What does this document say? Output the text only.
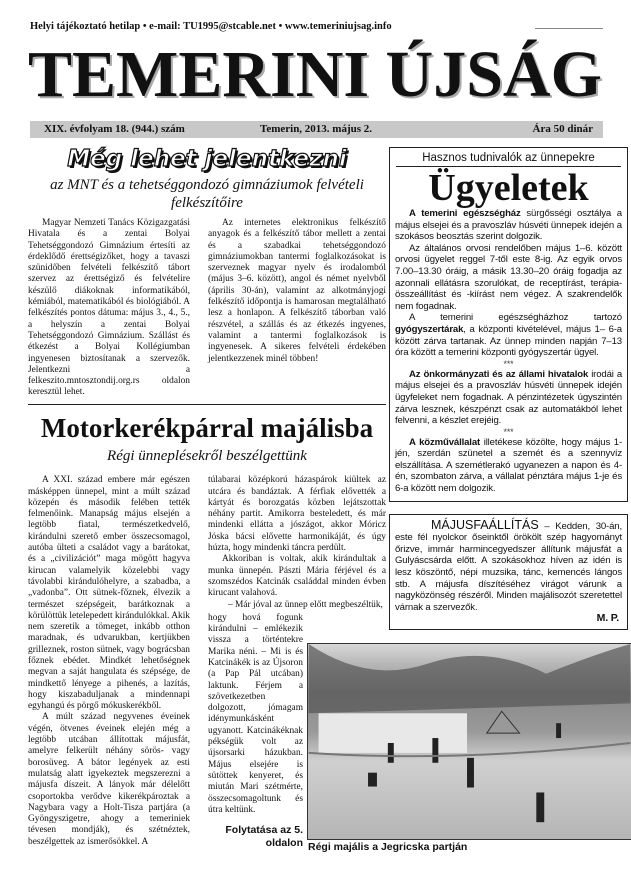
Helyi tájékoztató hetilap • e-mail: TU1995@stcable.net • www.temeriniujsag.info
TEMERINI ÚJSÁG
XIX. évfolyam 18. (944.) szám	Temerin, 2013. május 2.	Ára 50 dinár
Még lehet jelentkezni
az MNT és a tehetséggondozó gimnáziumok felvételi felkészítőire

Magyar Nemzeti Tanács Közigazgatási Hivatala és a zentai Bolyai Tehetséggondozó Gimnázium értesíti az érdeklődő érettségizőket, hogy a tavaszi szünidőben felvételi felkészítő tábort szervez az érettségiző és felvételire készülő diákoknak informatikából, kémiából, matematikából és biológiából. A felkészítés pontos dátuma: május 3., 4., 5., a helyszín a zentai Bolyai Tehetséggondozó Gimnázium. Szállást és étkezést a Bolyai Kollégiumban ingyenesen biztosítanak a szervezők. Jelentkezni a felkeszito.mntosztondij.org.rs oldalon keresztül lehet.

Az internetes elektronikus felkészítő anyagok és a felkészítő tábor mellett a zentai és a szabadkai tehetséggondozó gimnáziumokban tantermi foglalkozásokat is szerveznek magyar nyelv és irodalomból (május 3–6. között), angol és német nyelvből (április 30-án), valamint az alkotmányjogi felkészítő időpontja is hamarosan megtalálható lesz a honlapon. A felkészítő táborban való részvétel, a szállás és az étkezés ingyenes, valamint a tantermi foglalkozások is ingyenesek. A sikeres felvételi érdekében jelentkezzenek minél többen!

Motorkerékpárral majálisba
Régi ünneplésekről beszélgettünk

A XXI. század embere már egészen másképpen ünnepel, mint a múlt század közepén és második felében tették felmenőink. Manapság május elsején a legtöbb fiatal, természetkedvelő, kirándulni szerető ember összecsomagol, autóba ülteti a családot vagy a barátokat, és a „civilizációt” maga mögött hagyva kirucan valamelyik közelebbi vagy távolabbi kirándulóhelyre, a szabadba, a „vadonba”. Ott sütnek-főznek, élvezik a természet szépségeit, barátkoznak a körülöttük letelepedett kirándulókkal. Akik nem szeretik a tömeget, inkább otthon maradnak, és udvarukban, kertjükben grilleznek, roston sütnek, vagy bográcsban főznek ebédet. Mindkét lehetőségnek megvan a saját hangulata és szépsége, de mindkettő lényege a pihenés, a lazítás, hogy kiszabaduljanak a mindennapi egyhangú és pörgő mókuskerékből.

A múlt század negyvenes éveinek végén, ötvenes éveinek elején még a legtöbb utcában állítottak májusfát, amelyre felkerült néhány sörös- vagy borosüveg. A bátor legények az esti mulatság alatt igyekeztek megszerezni a májusfa díszeit. A lányok már délelőtt csoportokba verődve kikerékpároztak a Nagybara vagy a Holt-Tisza partjára (a Gyöngyszigetre, ahogy a temeriniek tévesen mondják), és szétnéztek, beszélgettek az ismerősökkel. A

túlabarai középkorú házaspárok kiültek az utcára és bandáztak. A férfiak elővették a kártyát és borozgatás közben lejátszottak néhány partit. Amikorra besteledett, és már mindenki ellátta a jószágot, akkor Móricz Jóska bácsi elővette harmonikáját, és úgy húzta, hogy mindenki táncra perdült.

Akkoriban is voltak, akik kirándultak a munka ünnepén. Pászti Mária férjével és a szomszédos Katcinák családdal minden évben kirucant valahová.

– Már jóval az ünnep előtt megbeszéltük,

hogy hová fogunk kirándulni – emlékezik vissza a történtekre Marika néni. – Mi is és Katcinákék is az Újsoron (a Pap Pál utcában) laktunk. Férjem a szövetkezetben dolgozott, jómagam idénymunkásként ugyanott. Katcinákéknak pékségük volt az újsorsarki házukban. Május elsejére is sütöttek kenyeret, és miután Mari szétmérte, összecsomagoltunk és útra keltünk.

Folytatása az 5. oldalon Régi majális a Jegricska partján
Hasznos tudnivalók az ünnepekre
Ügyeletek

A temerini egészségház sürgősségi osztálya a május elsejei és a pravoszláv húsvéti ünnepek idején a szokásos beosztás szerint dolgozik.

Az általános orvosi rendelőben május 1–6. között orvosi ügyelet reggel 7-től este 8-ig. Az egyik orvos 7.00–13.30 óráig, a másik 13.30–20 óráig fogadja az azonnali ellátásra szorulókat, de receptírást, terápia-összeállítást és -kiírást nem végez. A szakrendelők nem fogadnak.

A temerini egészségházhoz tartozó gyógyszertárak, a központi kivételével, május 1– 6-a között zárva tartanak. Az ünnep minden napján 7–13 óra között a temerini központi gyógyszertár ügyel.

***

Az önkormányzati és az állami hivatalok irodái a május elsejei és a pravoszláv húsvéti ünnepek idején ügyfeleket nem fogadnak. A pénzintézetek úgyszintén zárva lesznek, készpénzt csak az automatákból lehet felvenni, a készlet erejéig.

***

A közművállalat illetékese közölte, hogy május 1-jén, szerdán szünetel a szemét és a szennyvíz elszállítása. A szemétlerakó ugyanezen a napon és 4-én, szombaton zárva, a vállalat pénztára május 1-je és 6-a között nem dolgozik.

MÁJUSFAÁLLÍTÁS – Kedden, 30-án, este fél nyolckor őseinktől örökölt szép hagyományt őrizve, immár harmincegyedszer állítunk májusfát a Gulyáscsárda előtt. A szokásokhoz híven az idén is lesz köszöntő, népi muzsika, tánc, kemencés lángos stb. A májusfa díszítéséhez virágot várunk a nagyközönség részéről. Minden majálisozót szeretettel várnak a szervezők.
M. P.
